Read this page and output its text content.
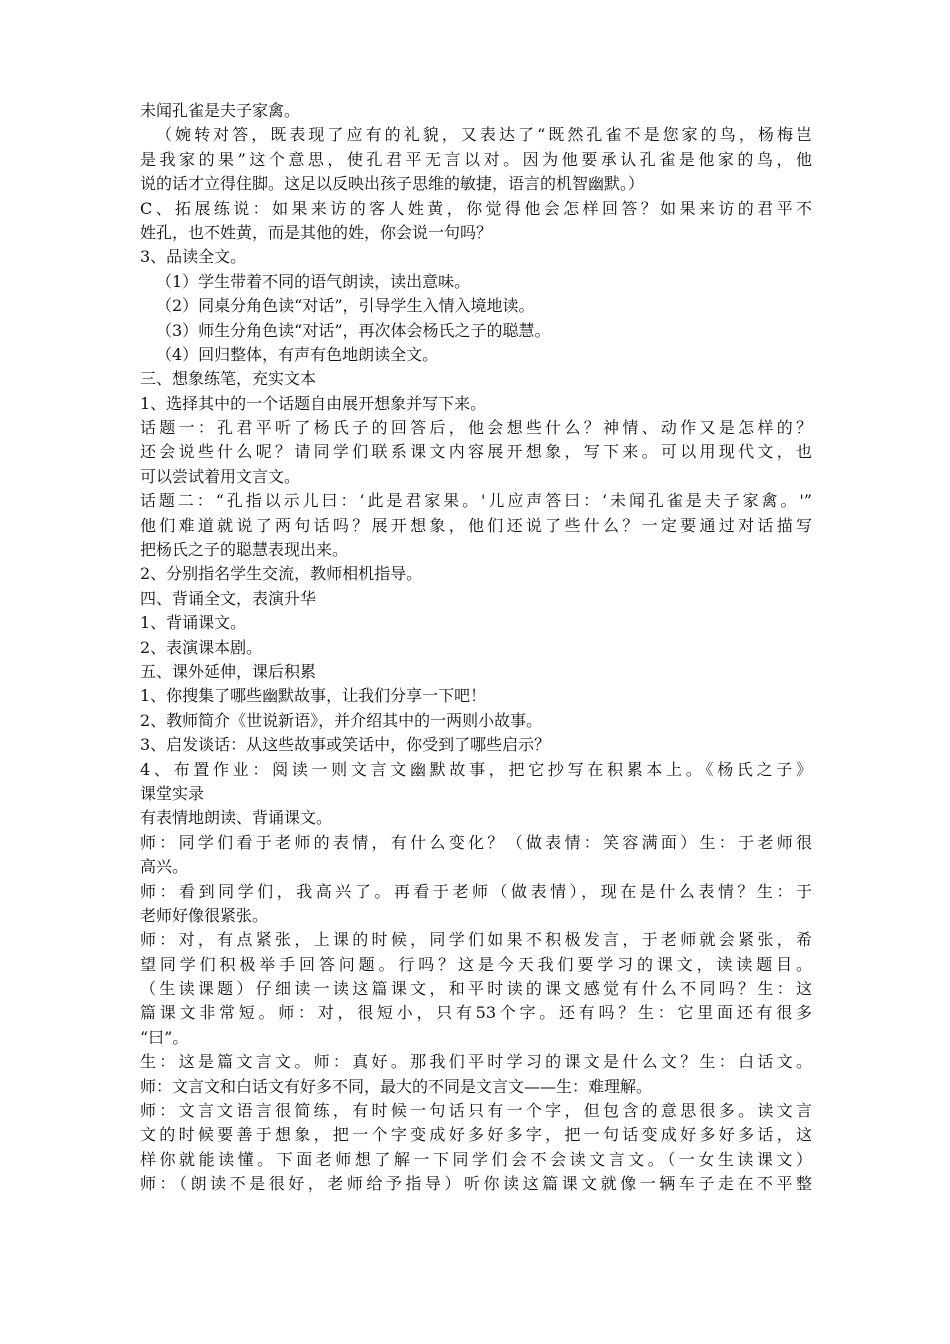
未闻孔雀是夫子家禽。
（婉转对答，既表现了应有的礼貌，又表达了“既然孔雀不是您家的鸟，杨梅岂
是我家的果”这个意思，使孔君平无言以对。因为他要承认孔雀是他家的鸟，他
说的话才立得住脚。这足以反映出孩子思维的敏捷，语言的机智幽默。）
C、拓展练说：如果来访的客人姓黄，你觉得他会怎样回答？如果来访的君平不
姓孔，也不姓黄，而是其他的姓，你会说一句吗？
3、品读全文。
（1）学生带着不同的语气朗读，读出意味。
（2）同桌分角色读“对话”，引导学生入情入境地读。
（3）师生分角色读“对话”，再次体会杨氏之子的聪慧。
（4）回归整体，有声有色地朗读全文。
三、想象练笔，充实文本
1、选择其中的一个话题自由展开想象并写下来。
话题一：孔君平听了杨氏子的回答后，他会想些什么？神情、动作又是怎样的？
还会说些什么呢？请同学们联系课文内容展开想象，写下来。可以用现代文，也
可以尝试着用文言文。
话题二：“孔指以示儿曰：‘此是君家果。'儿应声答曰：‘未闻孔雀是夫子家禽。'”
他们难道就说了两句话吗？展开想象，他们还说了些什么？一定要通过对话描写
把杨氏之子的聪慧表现出来。
2、分别指名学生交流，教师相机指导。
四、背诵全文，表演升华
1、背诵课文。
2、表演课本剧。
五、课外延伸，课后积累
1、你搜集了哪些幽默故事，让我们分享一下吧！
2、教师简介《世说新语》，并介绍其中的一两则小故事。
3、启发谈话：从这些故事或笑话中，你受到了哪些启示？
4、布置作业：阅读一则文言文幽默故事，把它抄写在积累本上。《杨氏之子》
课堂实录
有表情地朗读、背诵课文。
师：同学们看于老师的表情，有什么变化？（做表情：笑容满面）生：于老师很
高兴。
师：看到同学们，我高兴了。再看于老师（做表情），现在是什么表情？生：于
老师好像很紧张。
师：对，有点紧张，上课的时候，同学们如果不积极发言，于老师就会紧张，希
望同学们积极举手回答问题。行吗？这是今天我们要学习的课文，读读题目。
（生读课题）仔细读一读这篇课文，和平时读的课文感觉有什么不同吗？生：这
篇课文非常短。师：对，很短小，只有53个字。还有吗？生：它里面还有很多
“曰”。
生：这是篇文言文。师：真好。那我们平时学习的课文是什么文？生：白话文。
师：文言文和白话文有好多不同，最大的不同是文言文——生：难理解。
师：文言文语言很简练，有时候一句话只有一个字，但包含的意思很多。读文言
文的时候要善于想象，把一个字变成好多好多字，把一句话变成好多好多话，这
样你就能读懂。下面老师想了解一下同学们会不会读文言文。（一女生读课文）
师：（朗读不是很好，老师给予指导）听你读这篇课文就像一辆车子走在不平整
